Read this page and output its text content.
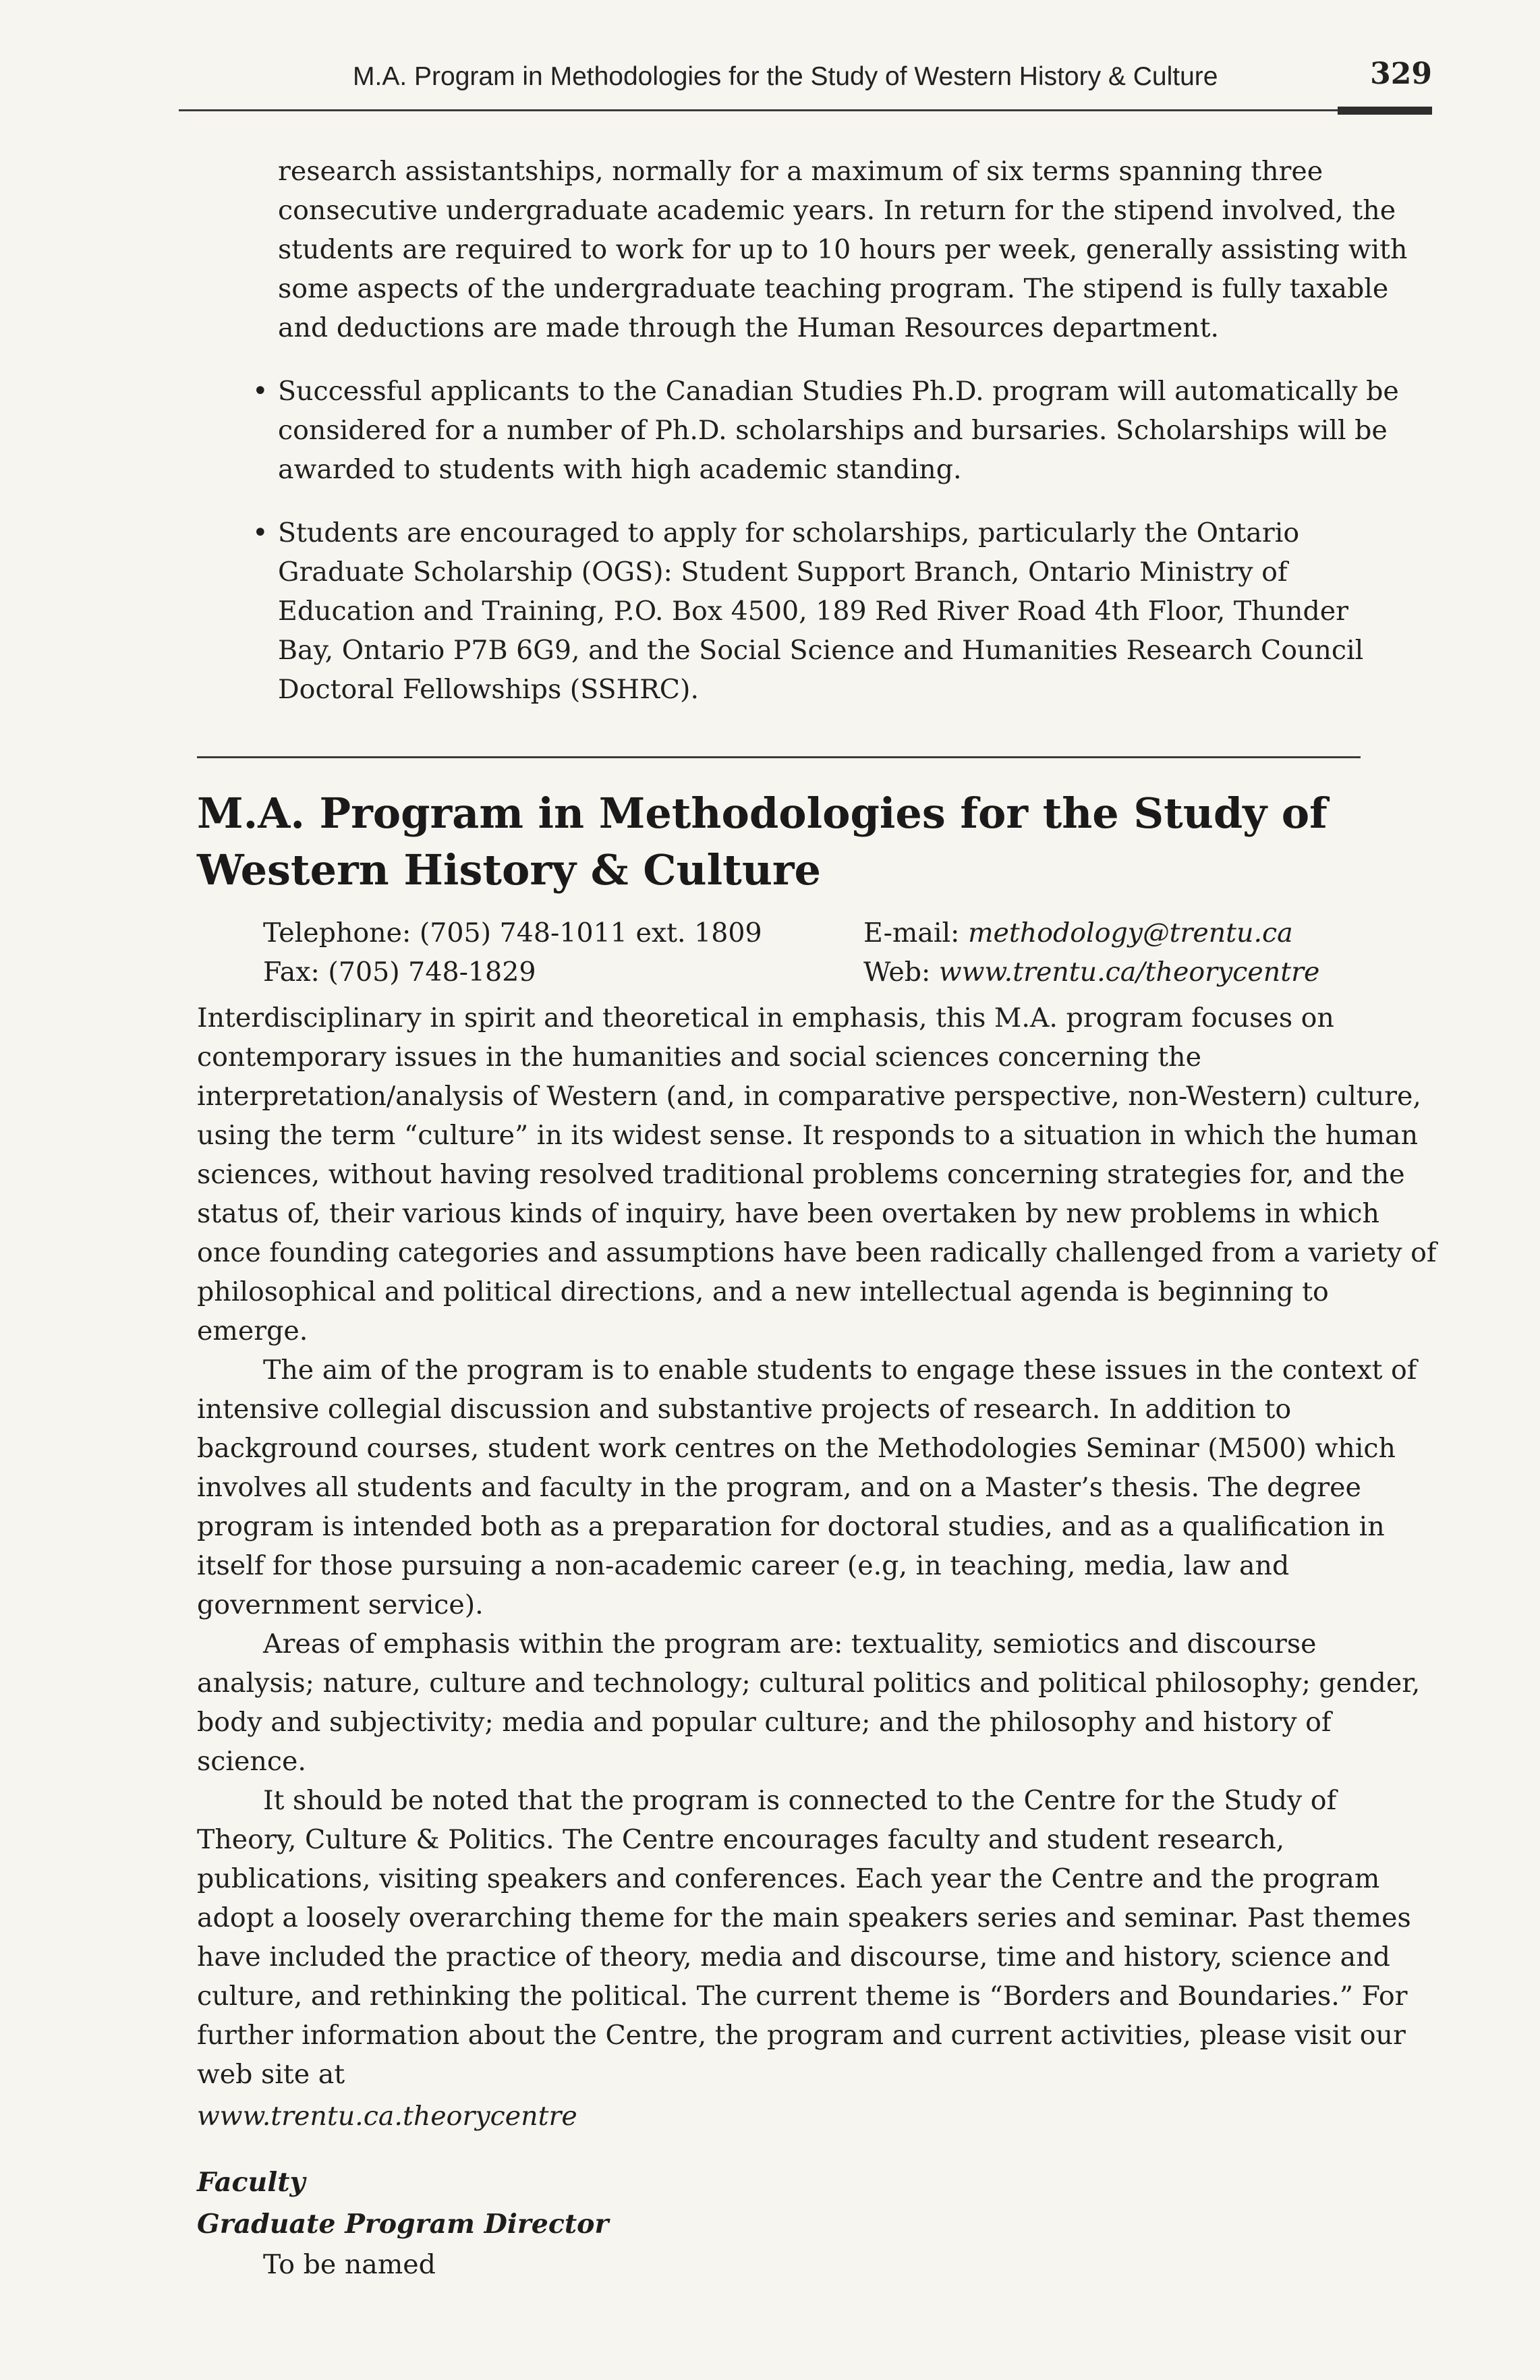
M.A. Program in Methodologies for the Study of Western History & Culture	329

research assistantships, normally for a maximum of six terms spanning three consecutive undergraduate academic years. In return for the stipend involved, the students are required to work for up to 10 hours per week, generally assisting with some aspects of the undergraduate teaching program. The stipend is fully taxable and deductions are made through the Human Resources department.

• Successful applicants to the Canadian Studies Ph.D. program will automatically be considered for a number of Ph.D. scholarships and bursaries. Scholarships will be awarded to students with high academic standing.
• Students are encouraged to apply for scholarships, particularly the Ontario Graduate Scholarship (OGS): Student Support Branch, Ontario Ministry of Education and Training, P.O. Box 4500, 189 Red River Road 4th Floor, Thunder Bay, Ontario P7B 6G9, and the Social Science and Humanities Research Council Doctoral Fellowships (SSHRC).
M.A. Program in Methodologies for the Study of Western History & Culture
Telephone: (705) 748-1011 ext. 1809	E-mail: methodology@trentu.ca
Fax: (705) 748-1829	Web: www.trentu.ca/theorycentre

Interdisciplinary in spirit and theoretical in emphasis, this M.A. program focuses on contemporary issues in the humanities and social sciences concerning the interpretation/analysis of Western (and, in comparative perspective, non-Western) culture, using the term “culture” in its widest sense. It responds to a situation in which the human sciences, without having resolved traditional problems concerning strategies for, and the status of, their various kinds of inquiry, have been overtaken by new problems in which once founding categories and assumptions have been radically challenged from a variety of philosophical and political directions, and a new intellectual agenda is beginning to emerge.

The aim of the program is to enable students to engage these issues in the context of intensive collegial discussion and substantive projects of research. In addition to background courses, student work centres on the Methodologies Seminar (M500) which involves all students and faculty in the program, and on a Master’s thesis. The degree program is intended both as a preparation for doctoral studies, and as a qualification in itself for those pursuing a non-academic career (e.g, in teaching, media, law and government service).

Areas of emphasis within the program are: textuality, semiotics and discourse analysis; nature, culture and technology; cultural politics and political philosophy; gender, body and subjectivity; media and popular culture; and the philosophy and history of science.

It should be noted that the program is connected to the Centre for the Study of Theory, Culture & Politics. The Centre encourages faculty and student research, publications, visiting speakers and conferences. Each year the Centre and the program adopt a loosely overarching theme for the main speakers series and seminar. Past themes have included the practice of theory, media and discourse, time and history, science and culture, and rethinking the political. The current theme is “Borders and Boundaries.” For further information about the Centre, the program and current activities, please visit our web site at

www.trentu.ca.theorycentre

Faculty
Graduate Program Director
To be named
